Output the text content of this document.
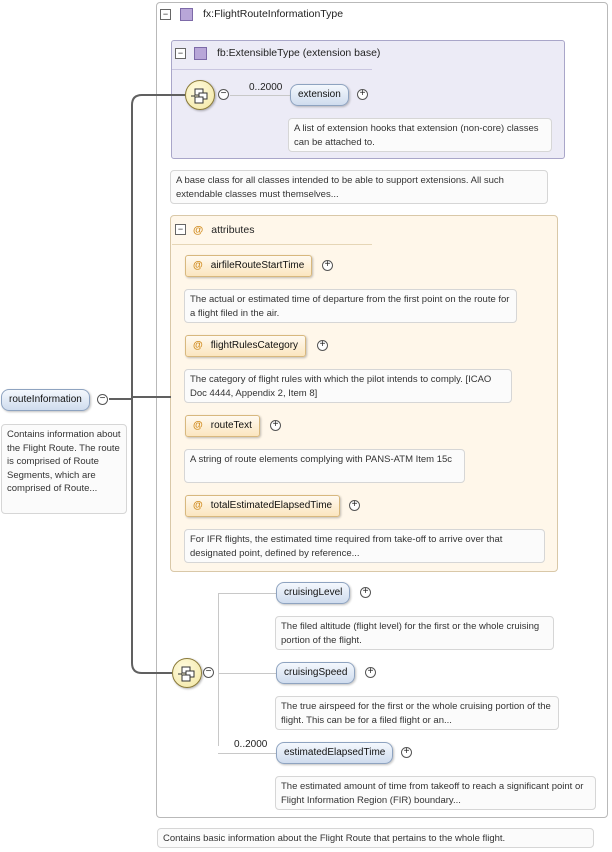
−	fx:FlightRouteInformationType
−	fb:ExtensibleType (extension base)
−
0..2000
extension	+
A list of extension hooks that extension (non-core) classes can be attached to.
A base class for all classes intended to be able to support extensions. All such extendable classes must themselves...
− @ attributes
@ airfileRouteStartTime	+
The actual or estimated time of departure from the first point on the route for a flight filed in the air.
@ flightRulesCategory	+
The category of flight rules with which the pilot intends to comply. [ICAO Doc 4444, Appendix 2, Item 8]
@ routeText	+
A string of route elements complying with PANS-ATM Item 15c
@ totalEstimatedElapsedTime	+
For IFR flights, the estimated time required from take-off to arrive over that designated point, defined by reference...
−
cruisingLevel	+
The filed altitude (flight level) for the first or the whole cruising portion of the flight.
cruisingSpeed	+
The true airspeed for the first or the whole cruising portion of the flight. This can be for a filed flight or an...
0..2000
estimatedElapsedTime	+
The estimated amount of time from takeoff to reach a significant point or Flight Information Region (FIR) boundary...
Contains basic information about the Flight Route that pertains to the whole flight.
routeInformation	−
Contains information about the Flight Route. The route is comprised of Route Segments, which are comprised of Route...
